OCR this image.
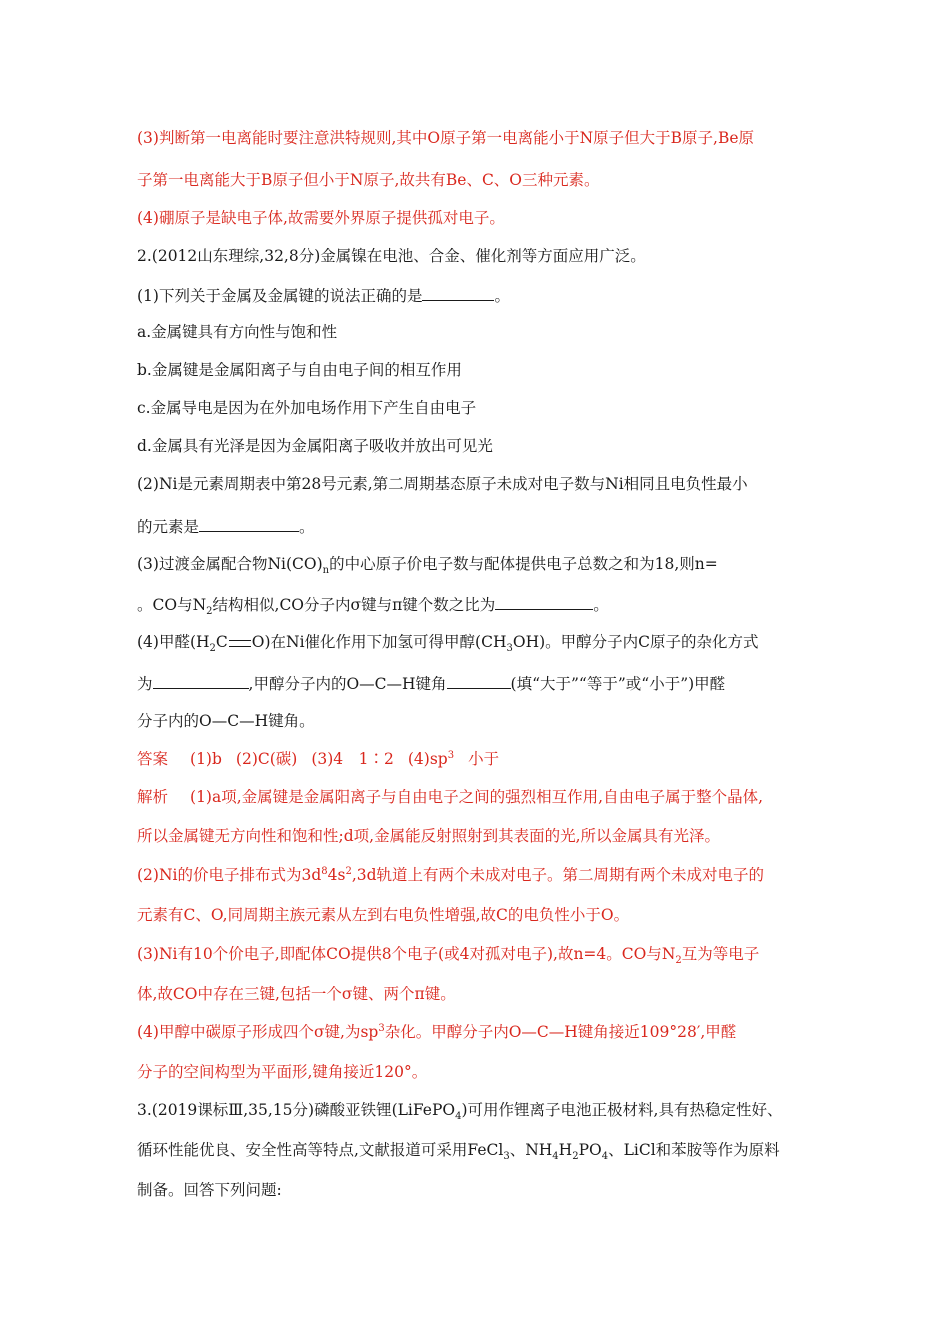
(3)判断第一电离能时要注意洪特规则,其中O原子第一电离能小于N原子但大于B原子,Be原
子第一电离能大于B原子但小于N原子,故共有Be、C、O三种元素。
(4)硼原子是缺电子体,故需要外界原子提供孤对电子。
2.(2012山东理综,32,8分)金属镍在电池、合金、催化剂等方面应用广泛。
(1)下列关于金属及金属键的说法正确的是	。
a.金属键具有方向性与饱和性
b.金属键是金属阳离子与自由电子间的相互作用
c.金属导电是因为在外加电场作用下产生自由电子
d.金属具有光泽是因为金属阳离子吸收并放出可见光
(2)Ni是元素周期表中第28号元素,第二周期基态原子未成对电子数与Ni相同且电负性最小
的元素是	。
(3)过渡金属配合物$Ni(CO)_n$的中心原子价电子数与配体提供电子总数之和为18,则n=
。CO与$N_2$结构相似,CO分子内σ键与π键个数之比为	。
(4)甲醛($H_2C$ O)在Ni催化作用下加氢可得甲醇$(CH_3OH)$。甲醇分子内C原子的杂化方式
为	,甲醇分子内的O—C—H键角	(填“大于”“等于”或“小于”)甲醛
分子内的O—C—H键角。
答案 (1)b (2)C(碳) (3)4　1∶2 $(4)sp^3$ 小于
解析 (1)a项,金属键是金属阳离子与自由电子之间的强烈相互作用,自由电子属于整个晶体,
所以金属键无方向性和饱和性;d项,金属能反射照射到其表面的光,所以金属具有光泽。
(2)Ni的价电子排布式为$3d^84s^2,3d$轨道上有两个未成对电子。第二周期有两个未成对电子的
元素有C、O,同周期主族元素从左到右电负性增强,故C的电负性小于O。
(3)Ni有10个价电子,即配体CO提供8个电子(或4对孤对电子),故n=4。CO与$N_2$互为等电子
体,故CO中存在三键,包括一个σ键、两个π键。
(4)甲醇中碳原子形成四个σ键,为$sp^3$杂化。甲醇分子内O—C—H键角接近109°28′,甲醛
分子的空间构型为平面形,键角接近120°。
3.(2019课标Ⅲ,35,15分)磷酸亚铁锂(LiFePO$_4$)可用作锂离子电池正极材料,具有热稳定性好、
循环性能优良、安全性高等特点,文献报道可采用FeCl$_3$、$NH_4H_2PO_4$、LiCl和苯胺等作为原料
制备。回答下列问题:
